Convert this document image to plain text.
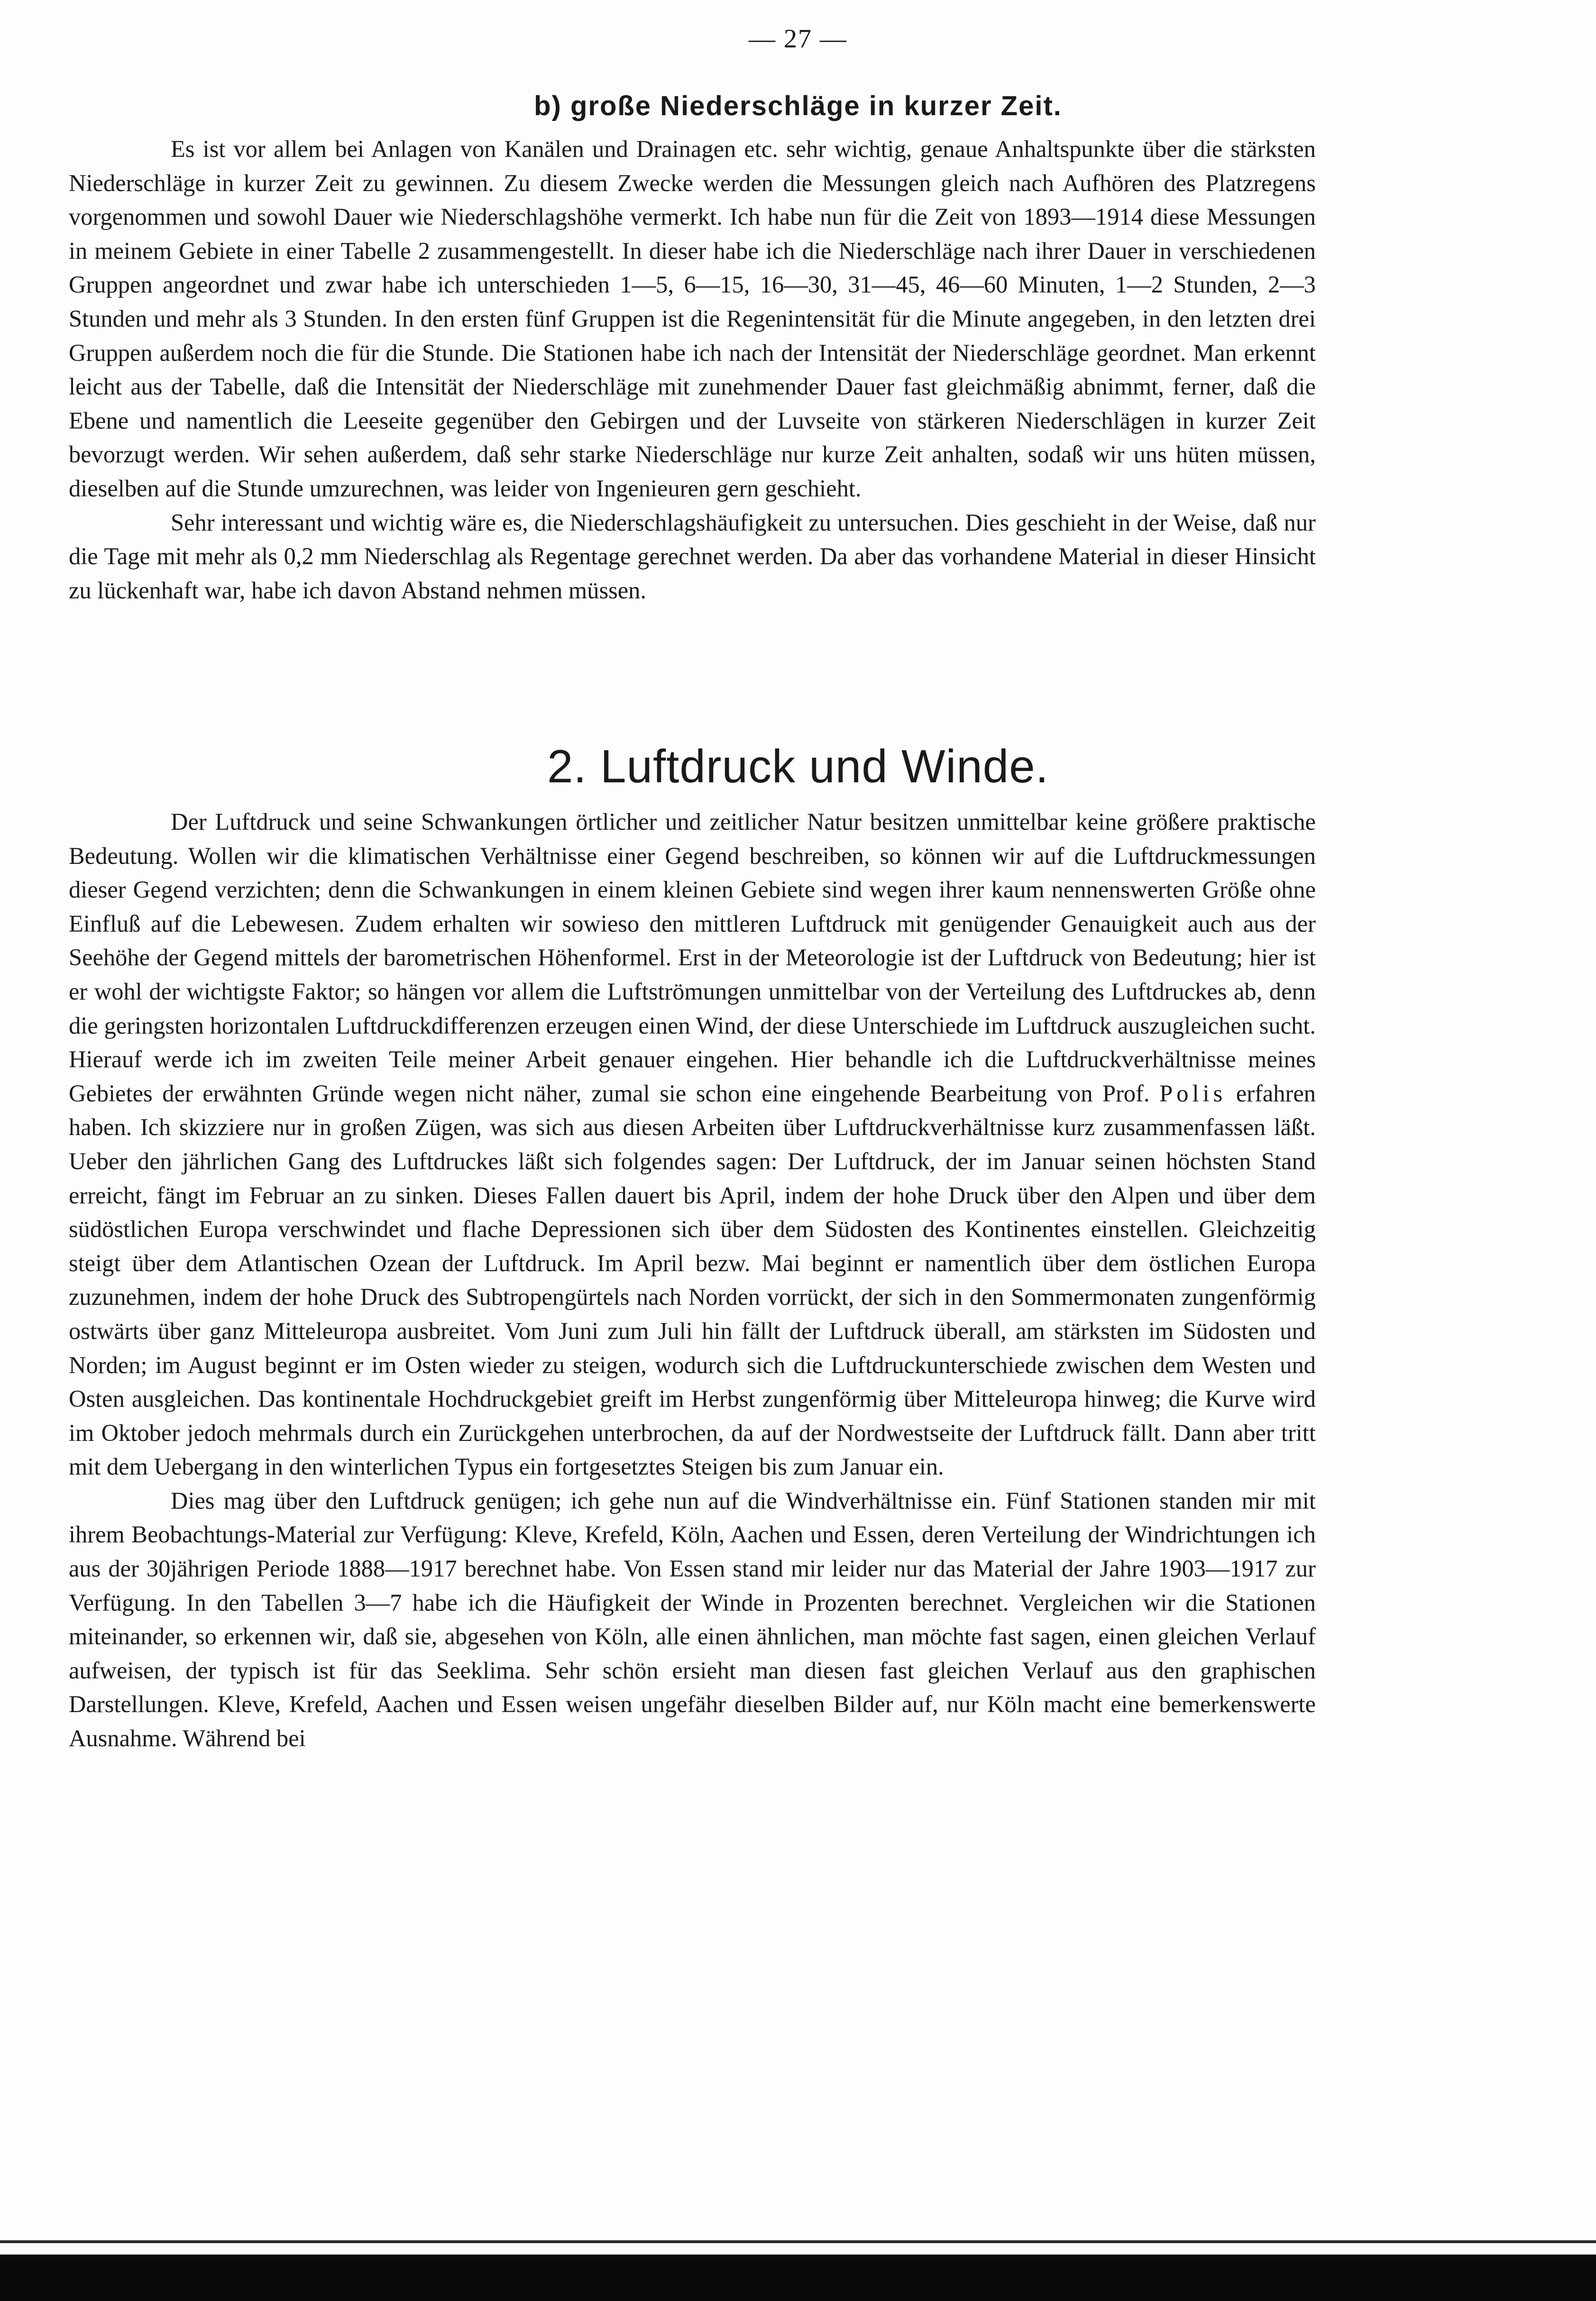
— 27 —
b) große Niederschläge in kurzer Zeit.

Es ist vor allem bei Anlagen von Kanälen und Drainagen etc. sehr wichtig, genaue Anhaltspunkte über die stärksten Niederschläge in kurzer Zeit zu gewinnen. Zu diesem Zwecke werden die Messungen gleich nach Aufhören des Platzregens vorgenommen und sowohl Dauer wie Niederschlagshöhe vermerkt. Ich habe nun für die Zeit von 1893—1914 diese Messungen in meinem Gebiete in einer Tabelle 2 zusammengestellt. In dieser habe ich die Niederschläge nach ihrer Dauer in verschiedenen Gruppen angeordnet und zwar habe ich unterschieden 1—5, 6—15, 16—30, 31—45, 46—60 Minuten, 1—2 Stunden, 2—3 Stunden und mehr als 3 Stunden. In den ersten fünf Gruppen ist die Regenintensität für die Minute angegeben, in den letzten drei Gruppen außerdem noch die für die Stunde. Die Stationen habe ich nach der Intensität der Niederschläge geordnet. Man erkennt leicht aus der Tabelle, daß die Intensität der Niederschläge mit zunehmender Dauer fast gleichmäßig abnimmt, ferner, daß die Ebene und namentlich die Leeseite gegenüber den Gebirgen und der Luvseite von stärkeren Niederschlägen in kurzer Zeit bevorzugt werden. Wir sehen außerdem, daß sehr starke Niederschläge nur kurze Zeit anhalten, sodaß wir uns hüten müssen, dieselben auf die Stunde umzurechnen, was leider von Ingenieuren gern geschieht.

Sehr interessant und wichtig wäre es, die Niederschlagshäufigkeit zu untersuchen. Dies geschieht in der Weise, daß nur die Tage mit mehr als 0,2 mm Niederschlag als Regentage gerechnet werden. Da aber das vorhandene Material in dieser Hinsicht zu lückenhaft war, habe ich davon Abstand nehmen müssen.

2. Luftdruck und Winde.

Der Luftdruck und seine Schwankungen örtlicher und zeitlicher Natur besitzen unmittelbar keine größere praktische Bedeutung. Wollen wir die klimatischen Verhältnisse einer Gegend beschreiben, so können wir auf die Luftdruckmessungen dieser Gegend verzichten; denn die Schwankungen in einem kleinen Gebiete sind wegen ihrer kaum nennenswerten Größe ohne Einfluß auf die Lebewesen. Zudem erhalten wir sowieso den mittleren Luftdruck mit genügender Genauigkeit auch aus der Seehöhe der Gegend mittels der barometrischen Höhenformel. Erst in der Meteorologie ist der Luftdruck von Bedeutung; hier ist er wohl der wichtigste Faktor; so hängen vor allem die Luftströmungen unmittelbar von der Verteilung des Luftdruckes ab, denn die geringsten horizontalen Luftdruckdifferenzen erzeugen einen Wind, der diese Unterschiede im Luftdruck auszugleichen sucht. Hierauf werde ich im zweiten Teile meiner Arbeit genauer eingehen. Hier behandle ich die Luftdruckverhältnisse meines Gebietes der erwähnten Gründe wegen nicht näher, zumal sie schon eine eingehende Bearbeitung von Prof. Polis erfahren haben. Ich skizziere nur in großen Zügen, was sich aus diesen Arbeiten über Luftdruckverhältnisse kurz zusammenfassen läßt. Ueber den jährlichen Gang des Luftdruckes läßt sich folgendes sagen: Der Luftdruck, der im Januar seinen höchsten Stand erreicht, fängt im Februar an zu sinken. Dieses Fallen dauert bis April, indem der hohe Druck über den Alpen und über dem südöstlichen Europa verschwindet und flache Depressionen sich über dem Südosten des Kontinentes einstellen. Gleichzeitig steigt über dem Atlantischen Ozean der Luftdruck. Im April bezw. Mai beginnt er namentlich über dem östlichen Europa zuzunehmen, indem der hohe Druck des Subtropengürtels nach Norden vorrückt, der sich in den Sommermonaten zungenförmig ostwärts über ganz Mitteleuropa ausbreitet. Vom Juni zum Juli hin fällt der Luftdruck überall, am stärksten im Südosten und Norden; im August beginnt er im Osten wieder zu steigen, wodurch sich die Luftdruckunterschiede zwischen dem Westen und Osten ausgleichen. Das kontinentale Hochdruckgebiet greift im Herbst zungenförmig über Mitteleuropa hinweg; die Kurve wird im Oktober jedoch mehrmals durch ein Zurückgehen unterbrochen, da auf der Nordwestseite der Luftdruck fällt. Dann aber tritt mit dem Uebergang in den winterlichen Typus ein fortgesetztes Steigen bis zum Januar ein.

Dies mag über den Luftdruck genügen; ich gehe nun auf die Windverhältnisse ein. Fünf Stationen standen mir mit ihrem Beobachtungs-Material zur Verfügung: Kleve, Krefeld, Köln, Aachen und Essen, deren Verteilung der Windrichtungen ich aus der 30jährigen Periode 1888—1917 berechnet habe. Von Essen stand mir leider nur das Material der Jahre 1903—1917 zur Verfügung. In den Tabellen 3—7 habe ich die Häufigkeit der Winde in Prozenten berechnet. Vergleichen wir die Stationen miteinander, so erkennen wir, daß sie, abgesehen von Köln, alle einen ähnlichen, man möchte fast sagen, einen gleichen Verlauf aufweisen, der typisch ist für das Seeklima. Sehr schön ersieht man diesen fast gleichen Verlauf aus den graphischen Darstellungen. Kleve, Krefeld, Aachen und Essen weisen ungefähr dieselben Bilder auf, nur Köln macht eine bemerkenswerte Ausnahme. Während bei
